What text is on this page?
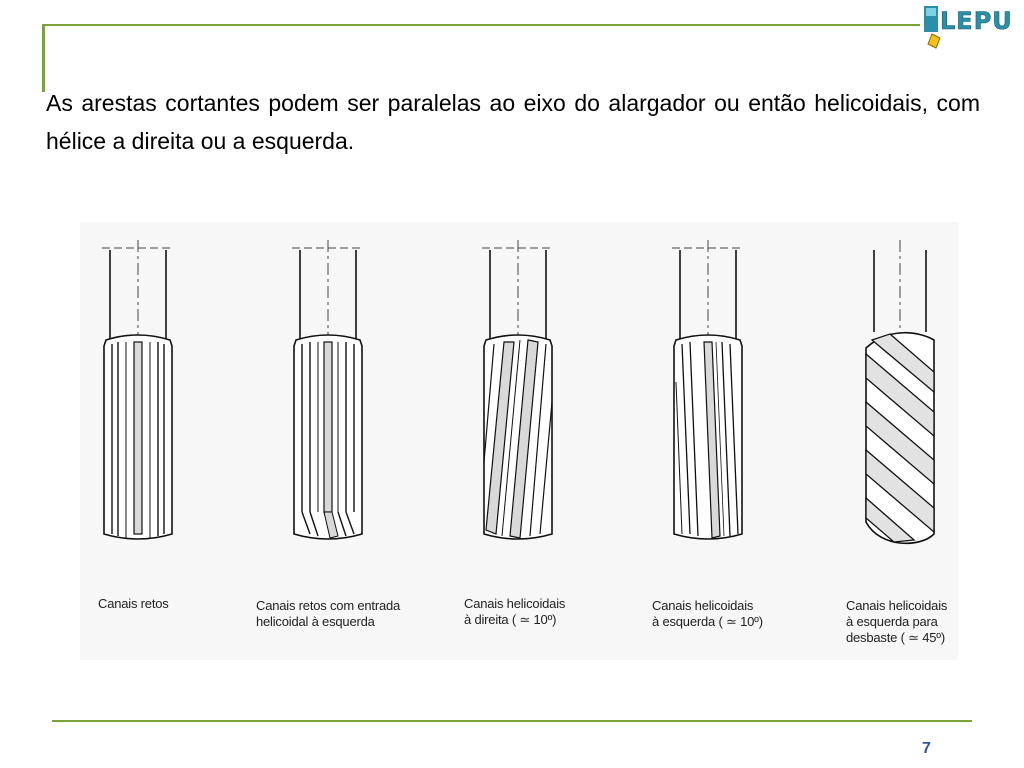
LEPU
As arestas cortantes podem ser paralelas ao eixo do alargador ou então helicoidais, com hélice a direita ou a esquerda.
Canais retos	Canais retos com entrada
helicoidal à esquerda
Canais helicoidais
à direita ( ≃ 10º)
Canais helicoidais
à esquerda ( ≃ 10º)
Canais helicoidais
à esquerda para
desbaste ( ≃ 45º)
7
